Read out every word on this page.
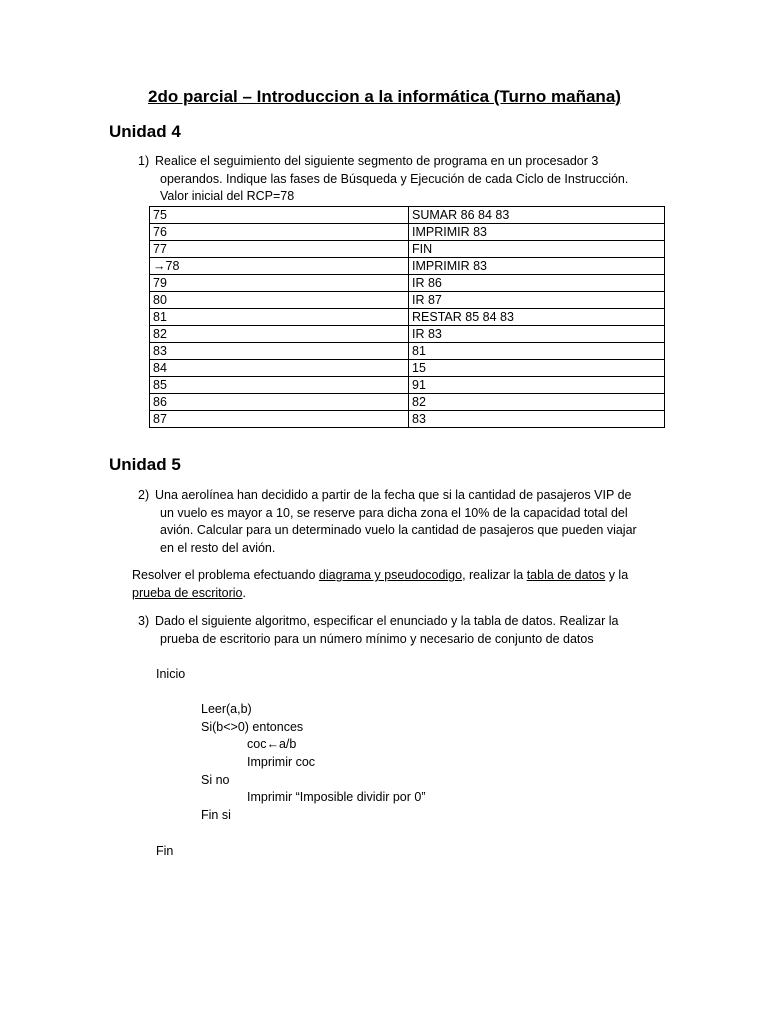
2do parcial – Introduccion a la informática (Turno mañana)
Unidad 4
1) Realice el seguimiento del siguiente segmento de programa en un procesador 3
operandos. Indique las fases de Búsqueda y Ejecución de cada Ciclo de Instrucción.
Valor inicial del RCP=78
75	SUMAR 86 84 83
76	IMPRIMIR 83
77	FIN
→78	IMPRIMIR 83
79	IR 86
80	IR 87
81	RESTAR 85 84 83
82	IR 83
83	81
84	15
85	91
86	82
87	83
Unidad 5
2) Una aerolínea han decidido a partir de la fecha que si la cantidad de pasajeros VIP de
un vuelo es mayor a 10, se reserve para dicha zona el 10% de la capacidad total del
avión. Calcular para un determinado vuelo la cantidad de pasajeros que pueden viajar
en el resto del avión.
Resolver el problema efectuando diagrama y pseudocodigo, realizar la tabla de datos y la
prueba de escritorio.
3) Dado el siguiente algoritmo, especificar el enunciado y la tabla de datos. Realizar la
prueba de escritorio para un número mínimo y necesario de conjunto de datos
Inicio
Leer(a,b)
Si(b<>0) entonces
coc←a/b
Imprimir coc
Si no
Imprimir “Imposible dividir por 0”
Fin si
Fin
